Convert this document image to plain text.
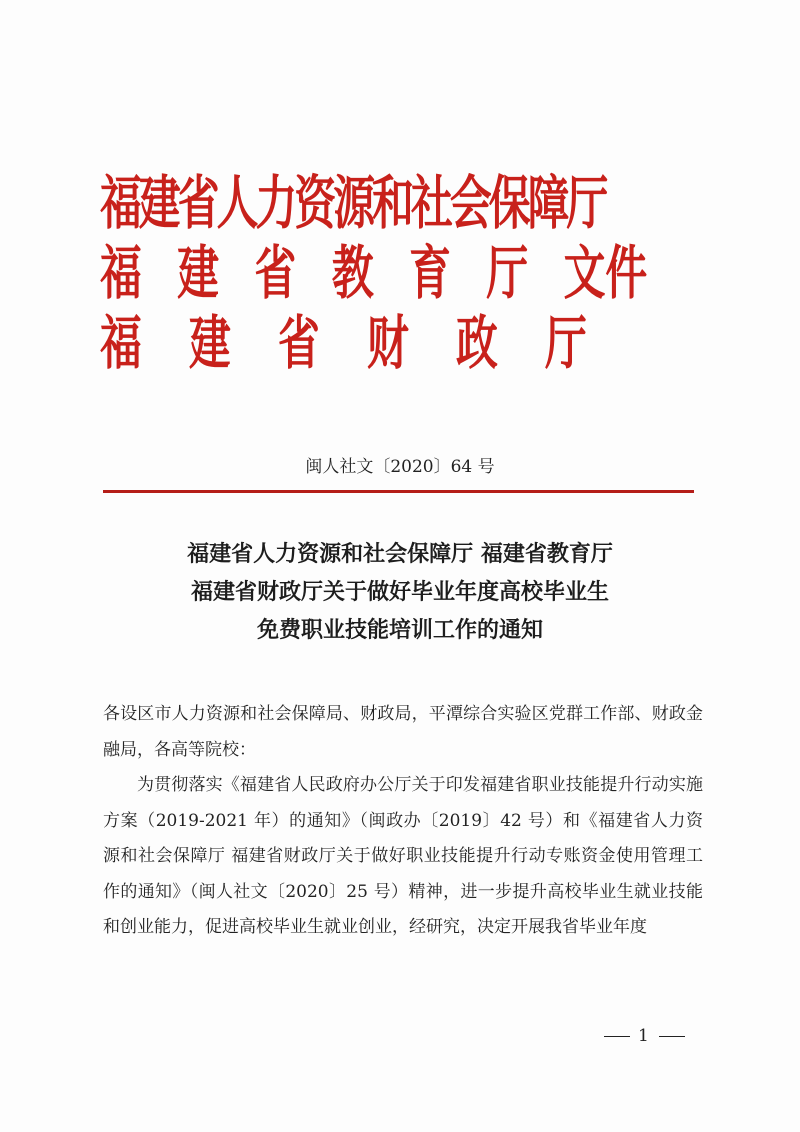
福建省人力资源和社会保障厅
福 建 省 教 育 厅 文件
福 建 省 财 政 厅
闽人社文〔2020〕64 号
福建省人力资源和社会保障厅 福建省教育厅
福建省财政厅关于做好毕业年度高校毕业生
免费职业技能培训工作的通知

各设区市人力资源和社会保障局、财政局，平潭综合实验区党群工作部、财政金融局，各高等院校：

为贯彻落实《福建省人民政府办公厅关于印发福建省职业技能提升行动实施方案（2019-2021 年）的通知》（闽政办〔2019〕42 号）和《福建省人力资源和社会保障厅 福建省财政厅关于做好职业技能提升行动专账资金使用管理工作的通知》（闽人社文〔2020〕25 号）精神，进一步提升高校毕业生就业技能和创业能力，促进高校毕业生就业创业，经研究，决定开展我省毕业年度

1
